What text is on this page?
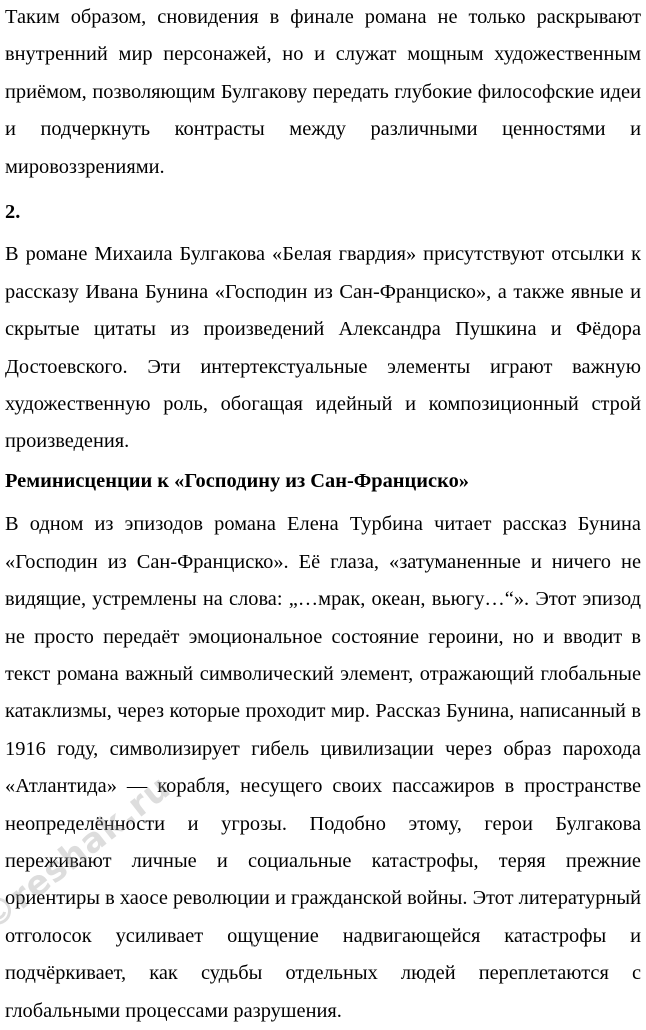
Таким образом, сновидения в финале романа не только раскрывают внутренний мир персонажей, но и служат мощным художественным приёмом, позволяющим Булгакову передать глубокие философские идеи и подчеркнуть контрасты между различными ценностями и мировоззрениями.

2.

В романе Михаила Булгакова «Белая гвардия» присутствуют отсылки к рассказу Ивана Бунина «Господин из Сан-Франциско», а также явные и скрытые цитаты из произведений Александра Пушкина и Фёдора Достоевского. Эти интертекстуальные элементы играют важную художественную роль, обогащая идейный и композиционный строй произведения.

Реминисценции к «Господину из Сан-Франциско»

В одном из эпизодов романа Елена Турбина читает рассказ Бунина «Господин из Сан-Франциско». Её глаза, «затуманенные и ничего не видящие, устремлены на слова: „…мрак, океан, вьюгу…“». Этот эпизод не просто передаёт эмоциональное состояние героини, но и вводит в текст романа важный символический элемент, отражающий глобальные катаклизмы, через которые проходит мир. Рассказ Бунина, написанный в 1916 году, символизирует гибель цивилизации через образ парохода «Атлантида» — корабля, несущего своих пассажиров в пространстве неопределённости и угрозы. Подобно этому, герои Булгакова переживают личные и социальные катастрофы, теряя прежние ориентиры в хаосе революции и гражданской войны. Этот литературный отголосок усиливает ощущение надвигающейся катастрофы и подчёркивает, как судьбы отдельных людей переплетаются с глобальными процессами разрушения.

reshak.ru
